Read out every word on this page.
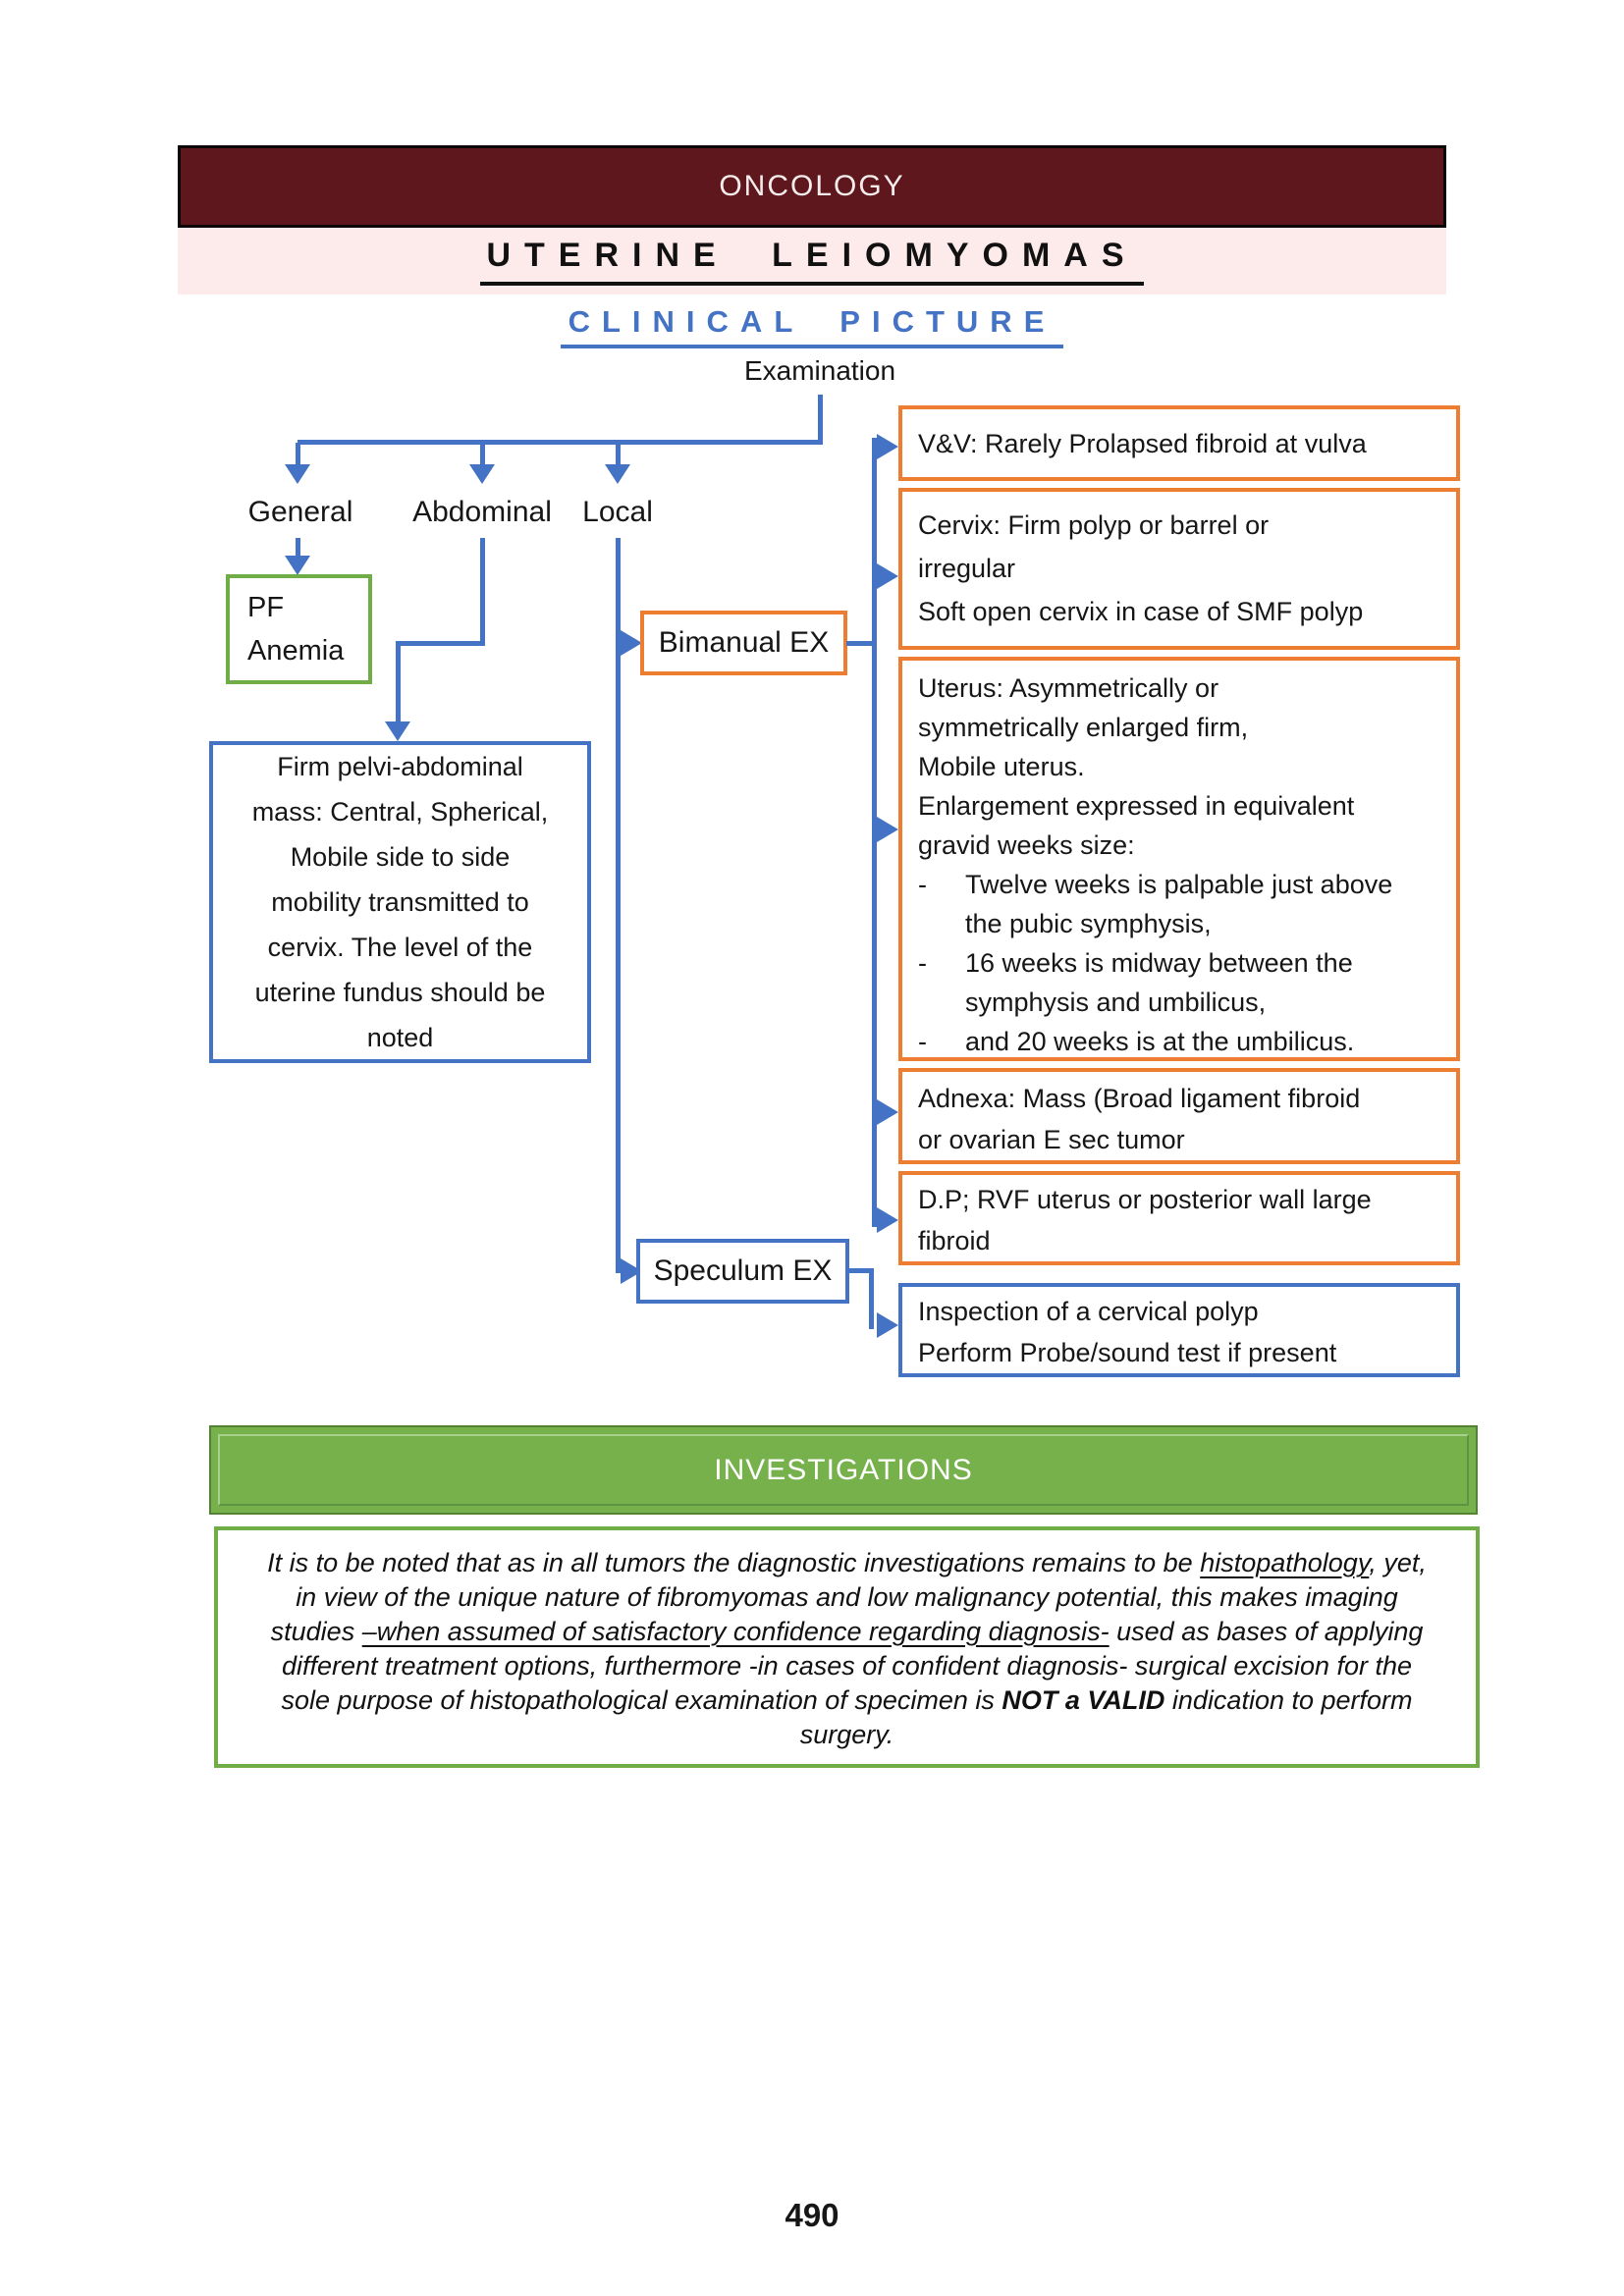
ONCOLOGY
UTERINE LEIOMYOMAS
CLINICAL PICTURE
Examination
General Abdominal Local
PF
Anemia
Firm pelvi-abdominal
mass: Central, Spherical,
Mobile side to side
mobility transmitted to
cervix. The level of the
uterine fundus should be
noted
Bimanual EX
V&V: Rarely Prolapsed fibroid at vulva
Cervix: Firm polyp or barrel or
irregular
Soft open cervix in case of SMF polyp
Uterus: Asymmetrically or
symmetrically enlarged firm,
Mobile uterus.
Enlargement expressed in equivalent
gravid weeks size:
-	Twelve weeks is palpable just above the pubic symphysis,
-	16 weeks is midway between the symphysis and umbilicus,
-	and 20 weeks is at the umbilicus.
Adnexa: Mass (Broad ligament fibroid
or ovarian E sec tumor
D.P; RVF uterus or posterior wall large
fibroid
Inspection of a cervical polyp
Perform Probe/sound test if present
Speculum EX
INVESTIGATIONS
It is to be noted that as in all tumors the diagnostic investigations remains to be histopathology, yet, in view of the unique nature of fibromyomas and low malignancy potential, this makes imaging studies –when assumed of satisfactory confidence regarding diagnosis- used as bases of applying different treatment options, furthermore -in cases of confident diagnosis- surgical excision for the sole purpose of histopathological examination of specimen is NOT a VALID indication to perform surgery.
490
